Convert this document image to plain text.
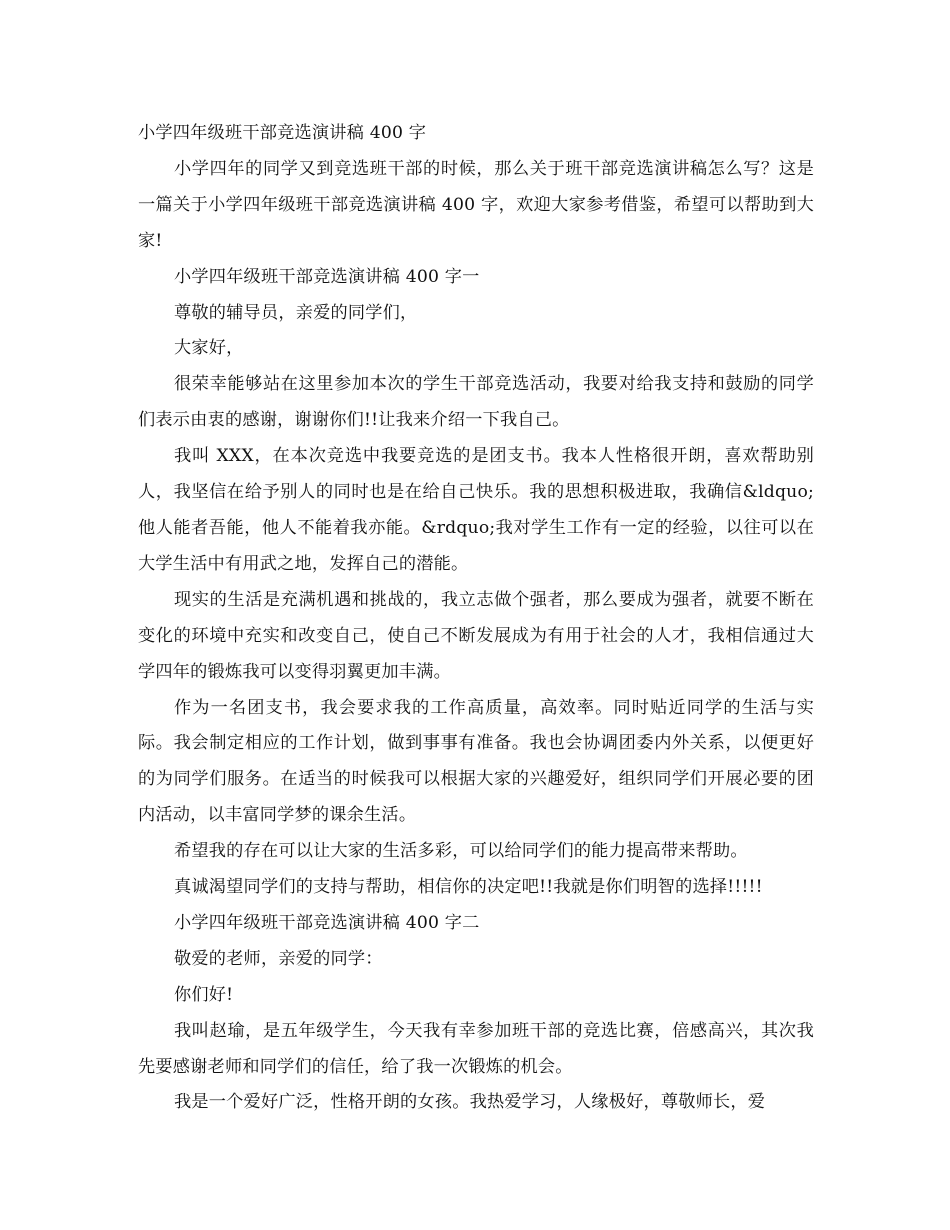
小学四年级班干部竞选演讲稿 400 字

小学四年的同学又到竞选班干部的时候，那么关于班干部竞选演讲稿怎么写？这是一篇关于小学四年级班干部竞选演讲稿 400 字，欢迎大家参考借鉴，希望可以帮助到大家!

小学四年级班干部竞选演讲稿 400 字一

尊敬的辅导员，亲爱的同学们，

大家好，

很荣幸能够站在这里参加本次的学生干部竞选活动，我要对给我支持和鼓励的同学们表示由衷的感谢，谢谢你们!!让我来介绍一下我自己。

我叫 XXX，在本次竞选中我要竞选的是团支书。我本人性格很开朗，喜欢帮助别人，我坚信在给予别人的同时也是在给自己快乐。我的思想积极进取，我确信&ldquo;他人能者吾能，他人不能着我亦能。&rdquo;我对学生工作有一定的经验，以往可以在大学生活中有用武之地，发挥自己的潜能。

现实的生活是充满机遇和挑战的，我立志做个强者，那么要成为强者，就要不断在变化的环境中充实和改变自己，使自己不断发展成为有用于社会的人才，我相信通过大学四年的锻炼我可以变得羽翼更加丰满。

作为一名团支书，我会要求我的工作高质量，高效率。同时贴近同学的生活与实际。我会制定相应的工作计划，做到事事有准备。我也会协调团委内外关系，以便更好的为同学们服务。在适当的时候我可以根据大家的兴趣爱好，组织同学们开展必要的团内活动，以丰富同学梦的课余生活。

希望我的存在可以让大家的生活多彩，可以给同学们的能力提高带来帮助。

真诚渴望同学们的支持与帮助，相信你的决定吧!!我就是你们明智的选择!!!!!

小学四年级班干部竞选演讲稿 400 字二

敬爱的老师，亲爱的同学：

你们好!

我叫赵瑜，是五年级学生，今天我有幸参加班干部的竞选比赛，倍感高兴，其次我先要感谢老师和同学们的信任，给了我一次锻炼的机会。

我是一个爱好广泛，性格开朗的女孩。我热爱学习，人缘极好，尊敬师长，爱
